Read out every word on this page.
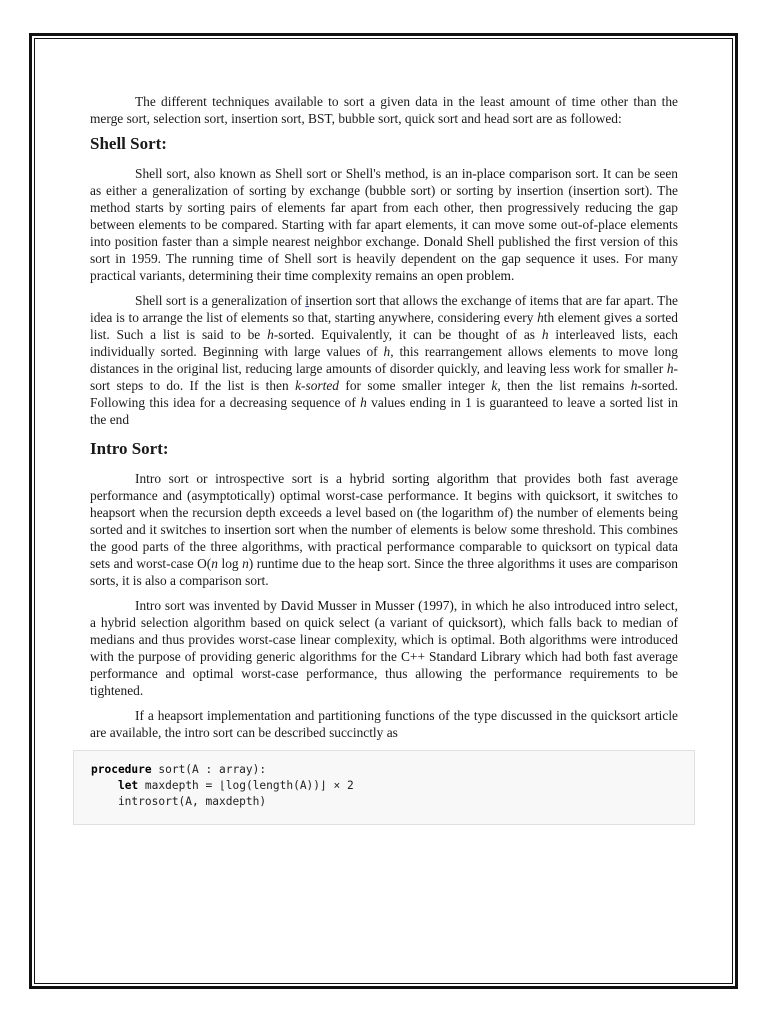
The different techniques available to sort a given data in the least amount of time other than the merge sort, selection sort, insertion sort, BST, bubble sort, quick sort and head sort are as followed:

Shell Sort:

Shell sort, also known as Shell sort or Shell's method, is an in-place comparison sort. It can be seen as either a generalization of sorting by exchange (bubble sort) or sorting by insertion (insertion sort). The method starts by sorting pairs of elements far apart from each other, then progressively reducing the gap between elements to be compared. Starting with far apart elements, it can move some out-of-place elements into position faster than a simple nearest neighbor exchange. Donald Shell published the first version of this sort in 1959. The running time of Shell sort is heavily dependent on the gap sequence it uses. For many practical variants, determining their time complexity remains an open problem.

Shell sort is a generalization of insertion sort that allows the exchange of items that are far apart. The idea is to arrange the list of elements so that, starting anywhere, considering every hth element gives a sorted list. Such a list is said to be h-sorted. Equivalently, it can be thought of as h interleaved lists, each individually sorted. Beginning with large values of h, this rearrangement allows elements to move long distances in the original list, reducing large amounts of disorder quickly, and leaving less work for smaller h-sort steps to do. If the list is then k-sorted for some smaller integer k, then the list remains h-sorted. Following this idea for a decreasing sequence of h values ending in 1 is guaranteed to leave a sorted list in the end

Intro Sort:

Intro sort or introspective sort is a hybrid sorting algorithm that provides both fast average performance and (asymptotically) optimal worst-case performance. It begins with quicksort, it switches to heapsort when the recursion depth exceeds a level based on (the logarithm of) the number of elements being sorted and it switches to insertion sort when the number of elements is below some threshold. This combines the good parts of the three algorithms, with practical performance comparable to quicksort on typical data sets and worst-case O(n log n) runtime due to the heap sort. Since the three algorithms it uses are comparison sorts, it is also a comparison sort.

Intro sort was invented by David Musser in Musser (1997), in which he also introduced intro select, a hybrid selection algorithm based on quick select (a variant of quicksort), which falls back to median of medians and thus provides worst-case linear complexity, which is optimal. Both algorithms were introduced with the purpose of providing generic algorithms for the C++ Standard Library which had both fast average performance and optimal worst-case performance, thus allowing the performance requirements to be tightened.

If a heapsort implementation and partitioning functions of the type discussed in the quicksort article are available, the intro sort can be described succinctly as

procedure sort(A : array):
let maxdepth = ⌊log(length(A))⌋ × 2
introsort(A, maxdepth)
